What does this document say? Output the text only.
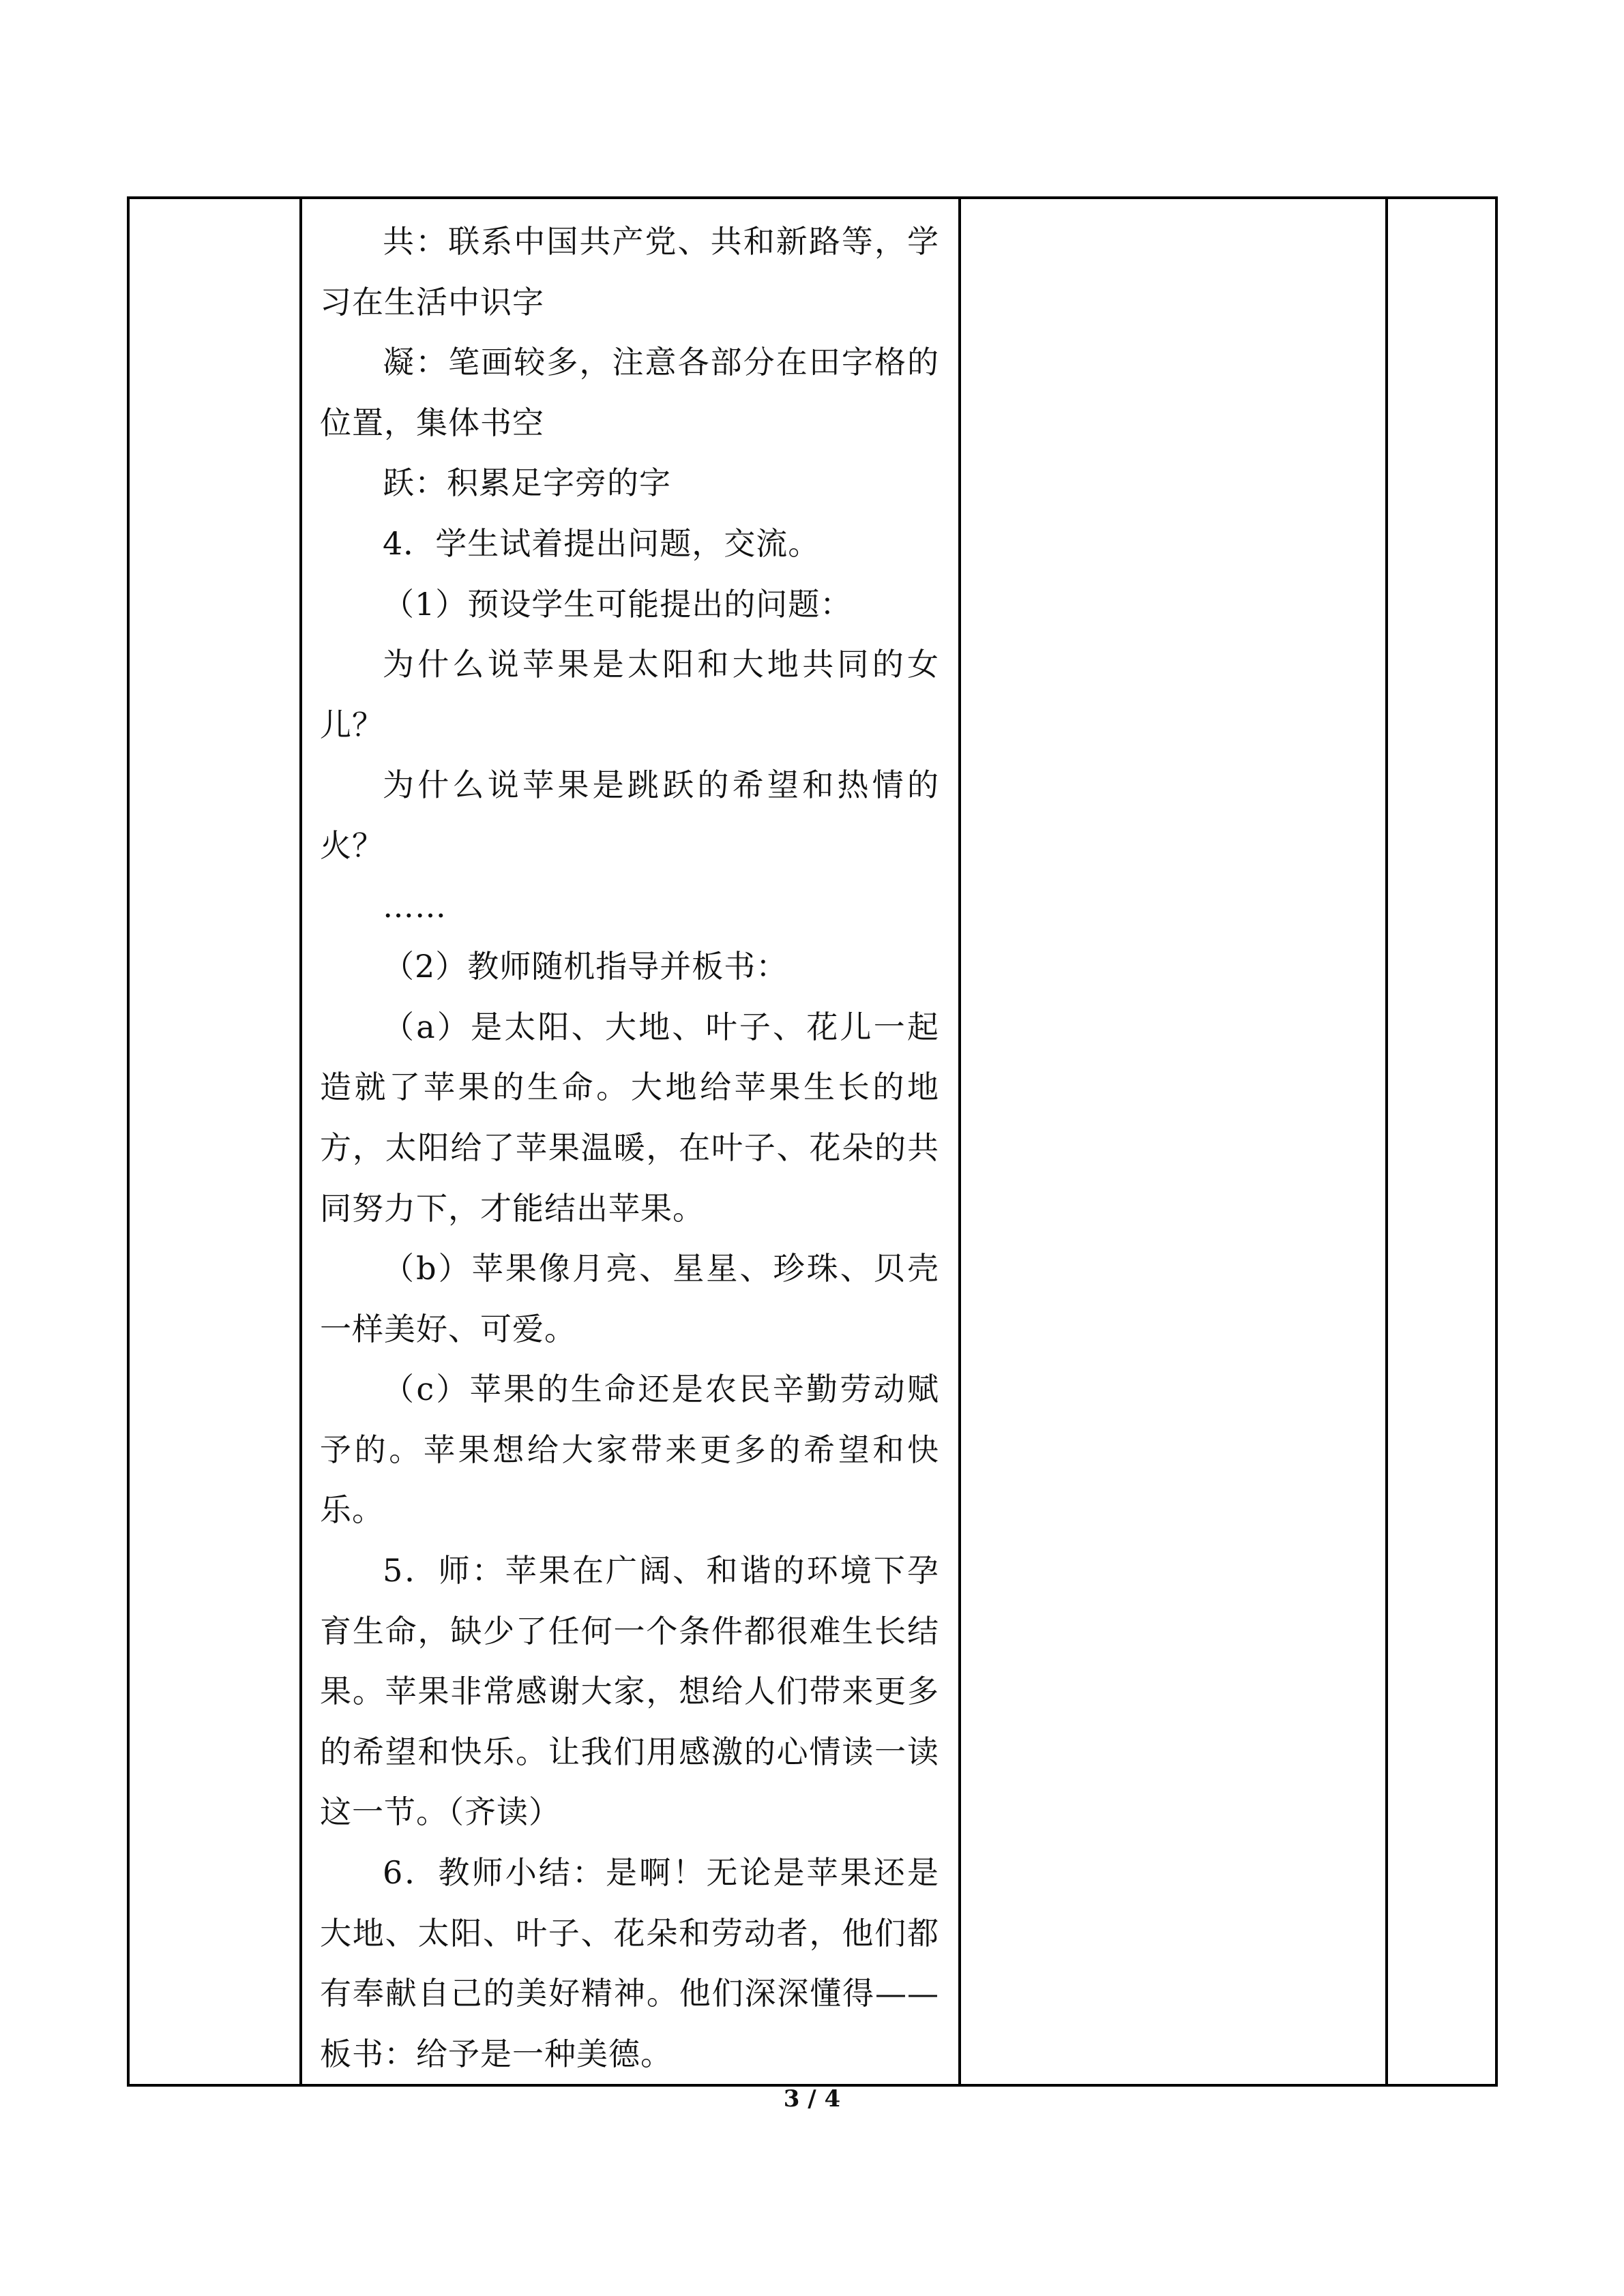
共：联系中国共产党、共和新路等，学习在生活中识字

凝：笔画较多，注意各部分在田字格的位置，集体书空

跃：积累足字旁的字

4．学生试着提出问题，交流。

（1）预设学生可能提出的问题：

为什么说苹果是太阳和大地共同的女儿？

为什么说苹果是跳跃的希望和热情的火？

……

（2）教师随机指导并板书：

（a）是太阳、大地、叶子、花儿一起造就了苹果的生命。大地给苹果生长的地方，太阳给了苹果温暖，在叶子、花朵的共同努力下，才能结出苹果。

（b）苹果像月亮、星星、珍珠、贝壳一样美好、可爱。

（c）苹果的生命还是农民辛勤劳动赋予的。苹果想给大家带来更多的希望和快乐。

5．师：苹果在广阔、和谐的环境下孕育生命，缺少了任何一个条件都很难生长结果。苹果非常感谢大家，想给人们带来更多的希望和快乐。让我们用感激的心情读一读这一节。（齐读）

6．教师小结：是啊！无论是苹果还是大地、太阳、叶子、花朵和劳动者，他们都有奉献自己的美好精神。他们深深懂得——板书：给予是一种美德。

3 / 4
